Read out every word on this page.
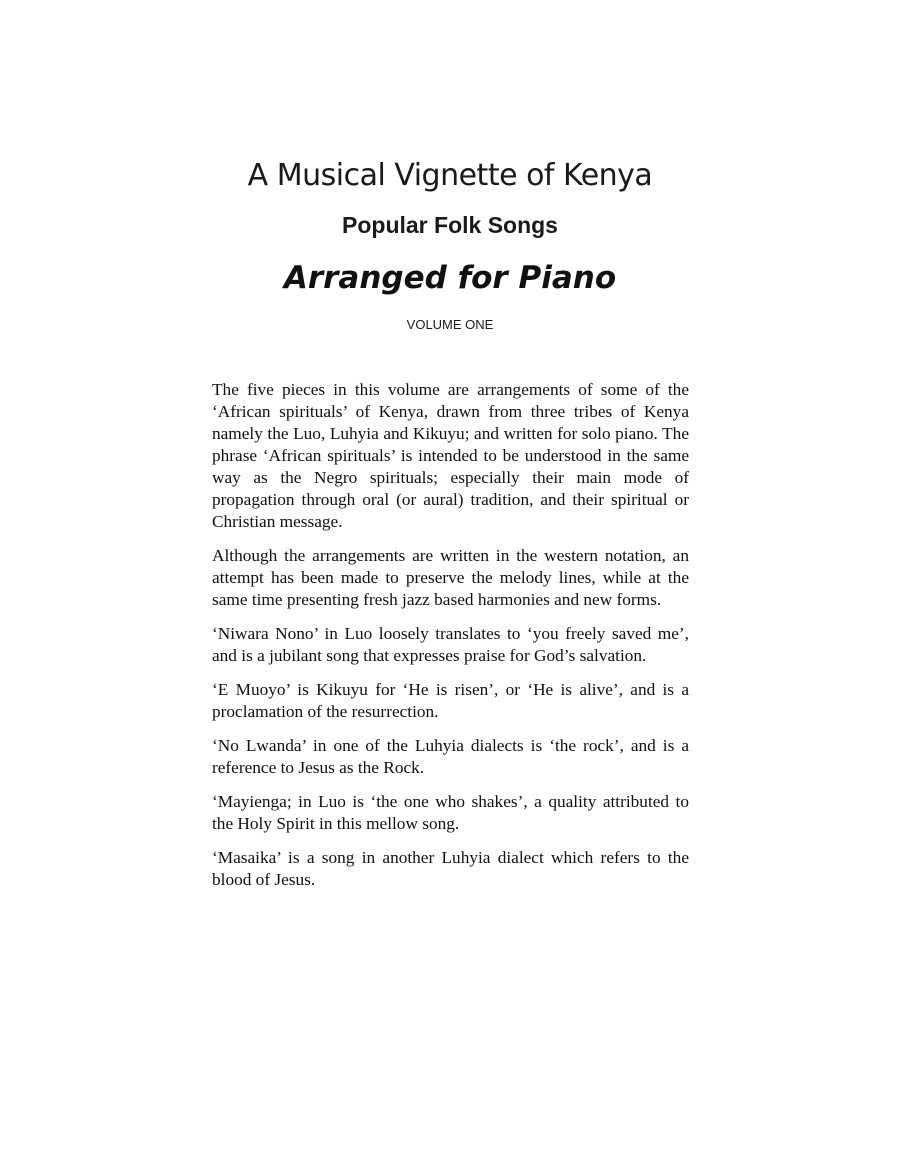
A Musical Vignette of Kenya
Popular Folk Songs
Arranged for Piano
VOLUME ONE

The five pieces in this volume are arrangements of some of the ‘African spirituals’ of Kenya, drawn from three tribes of Kenya namely the Luo, Luhyia and Kikuyu; and written for solo piano. The phrase ‘African spirituals’ is intended to be understood in the same way as the Negro spirituals; especially their main mode of propagation through oral (or aural) tradition, and their spiritual or Christian message.

Although the arrangements are written in the western notation, an attempt has been made to preserve the melody lines, while at the same time presenting fresh jazz based harmonies and new forms.

‘Niwara Nono’ in Luo loosely translates to ‘you freely saved me’, and is a jubilant song that expresses praise for God’s salvation.

‘E Muoyo’ is Kikuyu for ‘He is risen’, or ‘He is alive’, and is a proclamation of the resurrection.

‘No Lwanda’ in one of the Luhyia dialects is ‘the rock’, and is a reference to Jesus as the Rock.

‘Mayienga; in Luo is ‘the one who shakes’, a quality attributed to the Holy Spirit in this mellow song.

‘Masaika’ is a song in another Luhyia dialect which refers to the blood of Jesus.
